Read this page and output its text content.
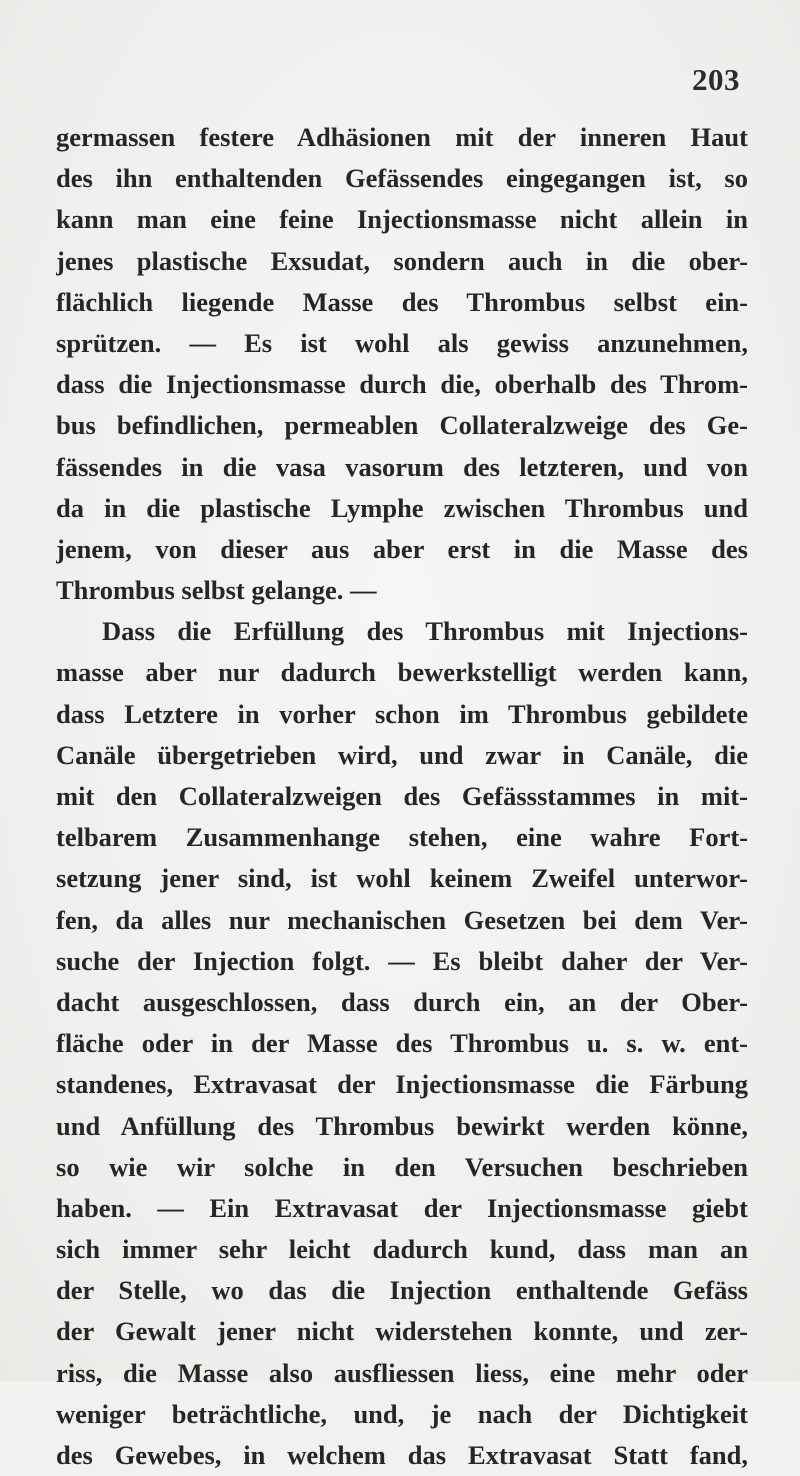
203
germassen festere Adhäsionen mit der inneren Haut
des ihn enthaltenden Gefässendes eingegangen ist, so
kann man eine feine Injectionsmasse nicht allein in
jenes plastische Exsudat, sondern auch in die ober-
flächlich liegende Masse des Thrombus selbst ein-
sprützen. — Es ist wohl als gewiss anzunehmen,
dass die Injectionsmasse durch die, oberhalb des Throm-
bus befindlichen, permeablen Collateralzweige des Ge-
fässendes in die vasa vasorum des letzteren, und von
da in die plastische Lymphe zwischen Thrombus und
jenem, von dieser aus aber erst in die Masse des
Thrombus selbst gelange. —
Dass die Erfüllung des Thrombus mit Injections-
masse aber nur dadurch bewerkstelligt werden kann,
dass Letztere in vorher schon im Thrombus gebildete
Canäle übergetrieben wird, und zwar in Canäle, die
mit den Collateralzweigen des Gefässstammes in mit-
telbarem Zusammenhange stehen, eine wahre Fort-
setzung jener sind, ist wohl keinem Zweifel unterwor-
fen, da alles nur mechanischen Gesetzen bei dem Ver-
suche der Injection folgt. — Es bleibt daher der Ver-
dacht ausgeschlossen, dass durch ein, an der Ober-
fläche oder in der Masse des Thrombus u. s. w. ent-
standenes, Extravasat der Injectionsmasse die Färbung
und Anfüllung des Thrombus bewirkt werden könne,
so wie wir solche in den Versuchen beschrieben
haben. — Ein Extravasat der Injectionsmasse giebt
sich immer sehr leicht dadurch kund, dass man an
der Stelle, wo das die Injection enthaltende Gefäss
der Gewalt jener nicht widerstehen konnte, und zer-
riss, die Masse also ausfliessen liess, eine mehr oder
weniger beträchtliche, und, je nach der Dichtigkeit
des Gewebes, in welchem das Extravasat Statt fand,
